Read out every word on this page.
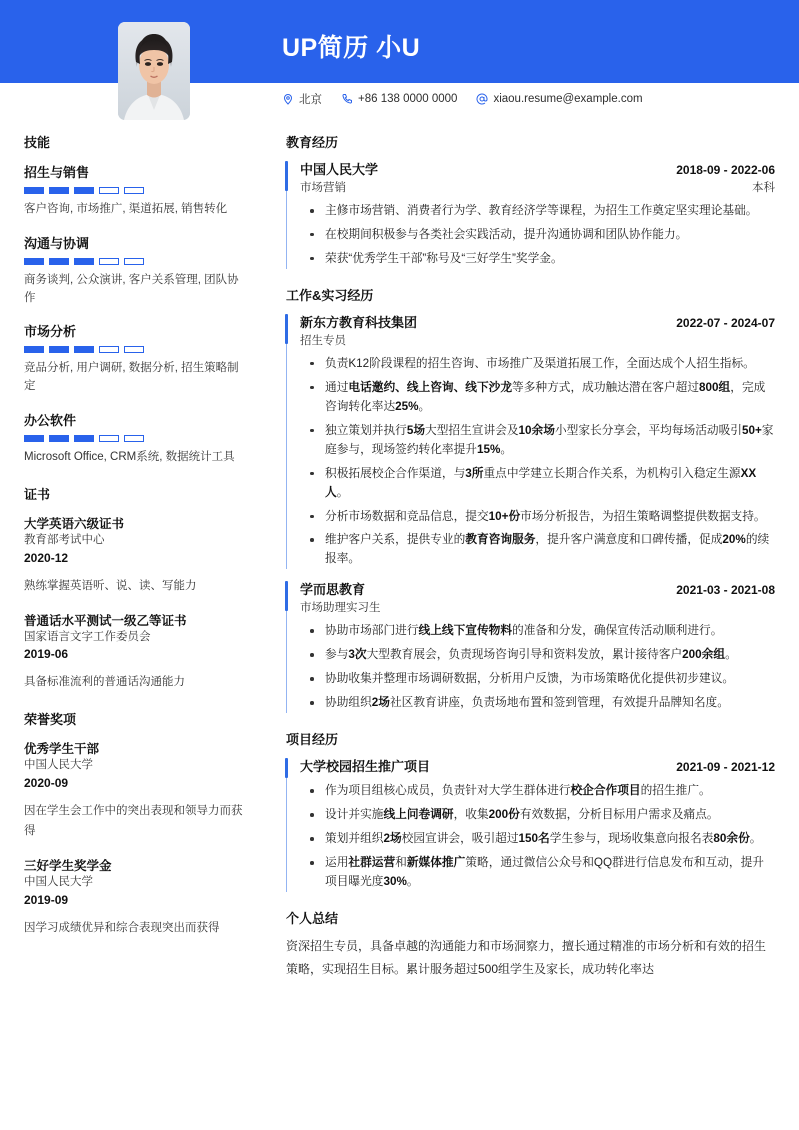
UP简历 小U
北京	+86 138 0000 0000	xiaou.resume@example.com
技能
招生与销售
客户咨询, 市场推广, 渠道拓展, 销售转化
沟通与协调
商务谈判, 公众演讲, 客户关系管理, 团队协作
市场分析
竞品分析, 用户调研, 数据分析, 招生策略制定
办公软件
Microsoft Office, CRM系统, 数据统计工具
证书
大学英语六级证书
教育部考试中心
2020-12
熟练掌握英语听、说、读、写能力
普通话水平测试一级乙等证书
国家语言文字工作委员会
2019-06
具备标准流利的普通话沟通能力
荣誉奖项
优秀学生干部
中国人民大学
2020-09
因在学生会工作中的突出表现和领导力而获得
三好学生奖学金
中国人民大学
2019-09
因学习成绩优异和综合表现突出而获得
教育经历
中国人民大学	2018-09 - 2022-06
市场营销	本科
主修市场营销、消费者行为学、教育经济学等课程，为招生工作奠定坚实理论基础。
在校期间积极参与各类社会实践活动，提升沟通协调和团队协作能力。
荣获“优秀学生干部”称号及“三好学生”奖学金。
工作&实习经历
新东方教育科技集团	2022-07 - 2024-07
招生专员
负责K12阶段课程的招生咨询、市场推广及渠道拓展工作，全面达成个人招生指标。
通过电话邀约、线上咨询、线下沙龙等多种方式，成功触达潜在客户超过800组，完成咨询转化率达25%。
独立策划并执行5场大型招生宣讲会及10余场小型家长分享会，平均每场活动吸引50+家庭参与，现场签约转化率提升15%。
积极拓展校企合作渠道，与3所重点中学建立长期合作关系，为机构引入稳定生源XX人。
分析市场数据和竞品信息，提交10+份市场分析报告，为招生策略调整提供数据支持。
维护客户关系，提供专业的教育咨询服务，提升客户满意度和口碑传播，促成20%的续报率。
学而思教育	2021-03 - 2021-08
市场助理实习生
协助市场部门进行线上线下宣传物料的准备和分发，确保宣传活动顺利进行。
参与3次大型教育展会，负责现场咨询引导和资料发放，累计接待客户200余组。
协助收集并整理市场调研数据，分析用户反馈，为市场策略优化提供初步建议。
协助组织2场社区教育讲座，负责场地布置和签到管理，有效提升品牌知名度。
项目经历
大学校园招生推广项目	2021-09 - 2021-12
作为项目组核心成员，负责针对大学生群体进行校企合作项目的招生推广。
设计并实施线上问卷调研，收集200份有效数据，分析目标用户需求及痛点。
策划并组织2场校园宣讲会，吸引超过150名学生参与，现场收集意向报名表80余份。
运用社群运营和新媒体推广策略，通过微信公众号和QQ群进行信息发布和互动，提升项目曝光度30%。
个人总结
资深招生专员，具备卓越的沟通能力和市场洞察力，擅长通过精准的市场分析和有效的招生策略，实现招生目标。累计服务超过500组学生及家长，成功转化率达
